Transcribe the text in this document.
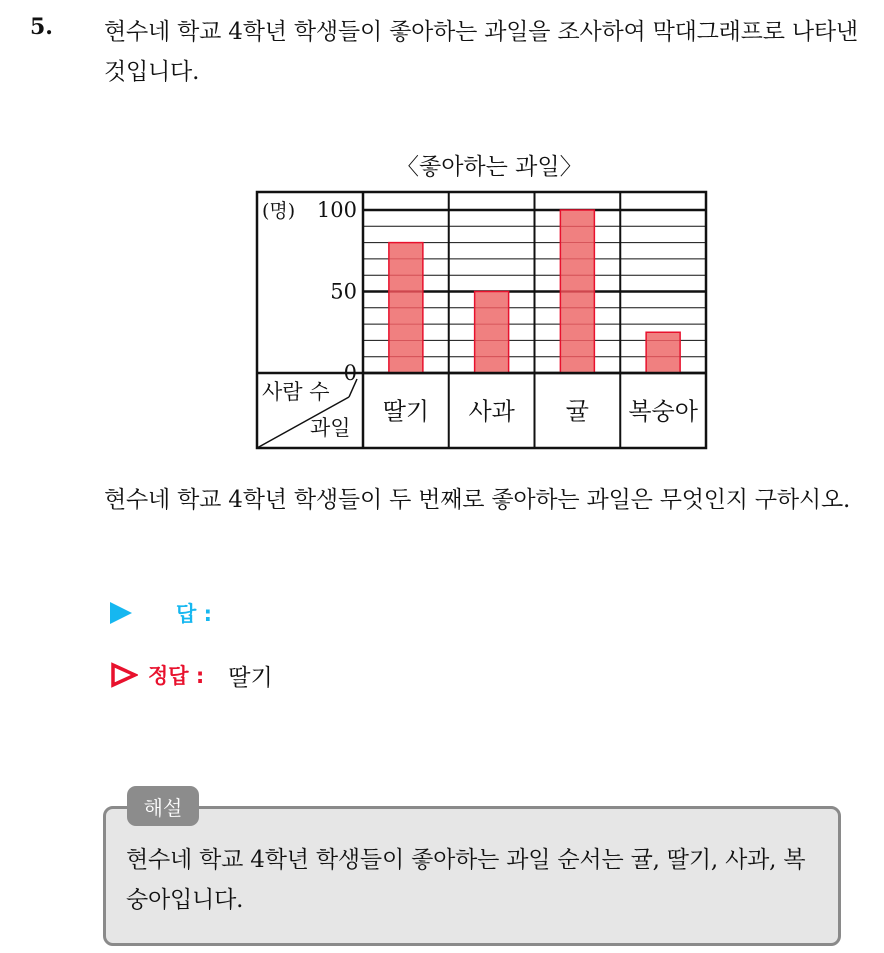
5. 현수네 학교 4학년 학생들이 좋아하는 과일을 조사하여 막대그래프로 나타낸 것입니다.
〈좋아하는 과일〉
사람 수
과일
(명)
0
50
100
딸기 사과 귤 복숭아
현수네 학교 4학년 학생들이 두 번째로 좋아하는 과일은 무엇인지 구하시오.
답 :
정답 : 딸기
해설
현수네 학교 4학년 학생들이 좋아하는 과일 순서는 귤, 딸기, 사과, 복숭아입니다.
